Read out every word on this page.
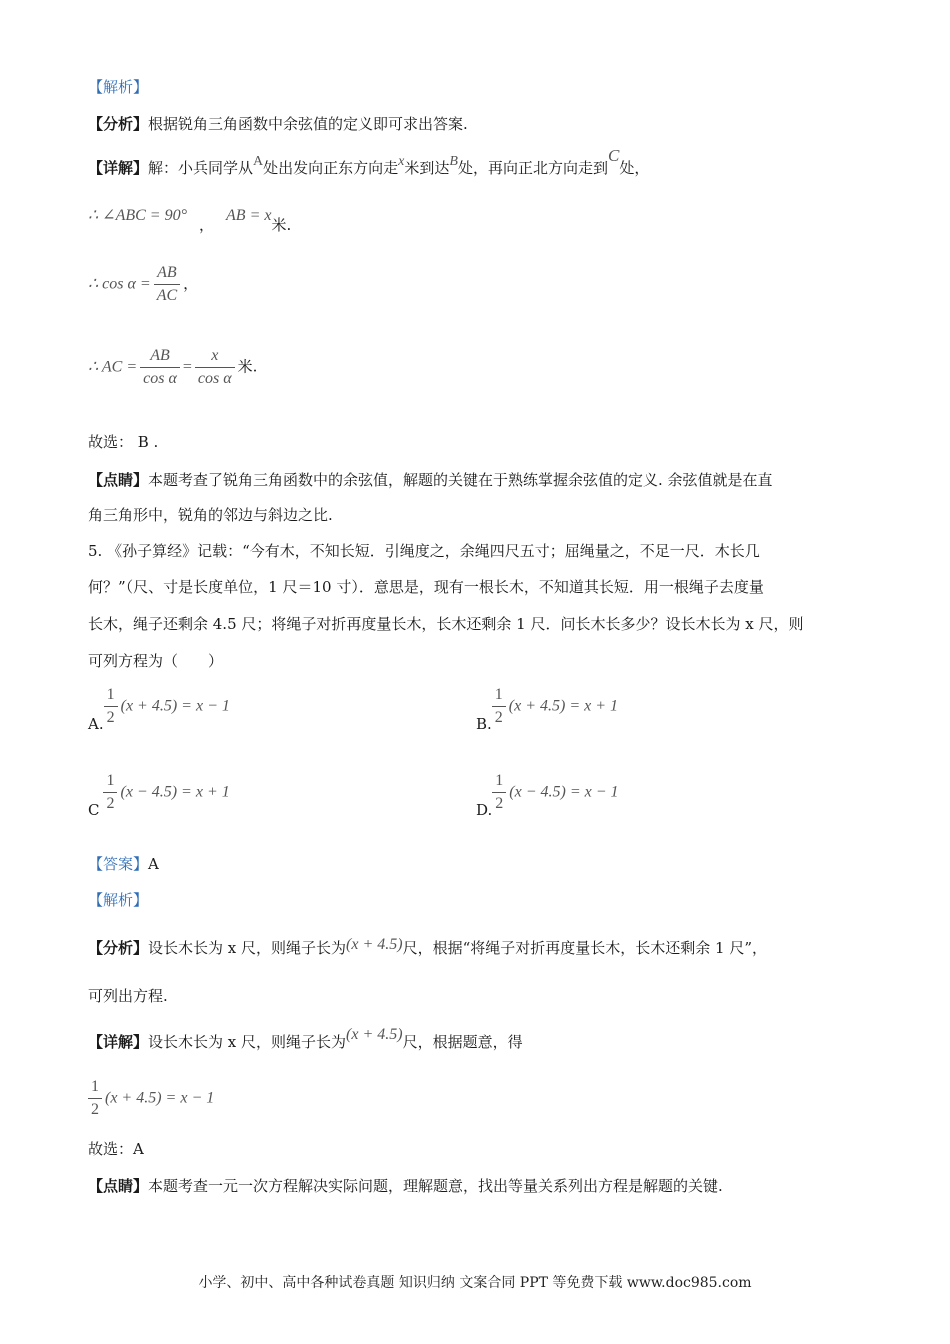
【解析】
【分析】根据锐角三角函数中余弦值的定义即可求出答案.
【详解】解：小兵同学从A处出发向正东方向走x米到达B处，再向正北方向走到C处，
∴ ∠ABC = 90°，AB = x米.
∴ $\cos \alpha = \frac{AB}{AC}$ ，
∴ AC = $\frac{AB}{\text{cos α}} = \frac{x}{\text{cos α}}$ 米.
故选： B .
【点睛】本题考查了锐角三角函数中的余弦值，解题的关键在于熟练掌握余弦值的定义. 余弦值就是在直
角三角形中，锐角的邻边与斜边之比.
5. 《孙子算经》记载：“今有木，不知长短．引绳度之，余绳四尺五寸；屈绳量之，不足一尺．木长几
何？”（尺、寸是长度单位，1 尺＝10 寸）．意思是，现有一根长木，不知道其长短．用一根绳子去度量
长木，绳子还剩余 4.5 尺；将绳子对折再度量长木，长木还剩余 1 尺．问长木长多少？设长木长为 x 尺，则
可列方程为（　　）
A. $\frac{1}{2} (x + 4.5) = x - 1$
B. $\frac{1}{2} (x + 4.5) = x + 1$
C $\frac{1}{2} (x - 4.5) = x + 1$
D. $\frac{1}{2} (x - 4.5) = x - 1$
【答案】A
【解析】
【分析】设长木长为 x 尺，则绳子长为(x + 4.5)尺，根据“将绳子对折再度量长木，长木还剩余 1 尺”，
可列出方程.
【详解】设长木长为 x 尺，则绳子长为(x + 4.5)尺，根据题意，得
$\frac{1}{2} (x + 4.5) = x - 1$
故选：A
【点睛】本题考查一元一次方程解决实际问题，理解题意，找出等量关系列出方程是解题的关键.
小学、初中、高中各种试卷真题 知识归纳 文案合同 PPT 等免费下载 www.doc985.com
